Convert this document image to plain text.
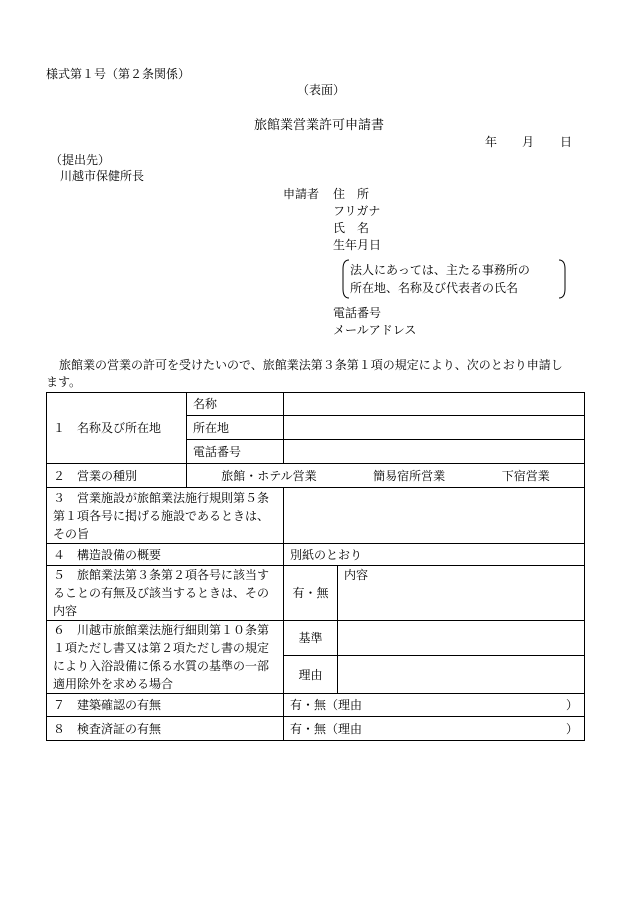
様式第１号（第２条関係）
（表面）
旅館業営業許可申請書
年 月 日
（提出先）
川越市保健所長
申請者 住　所
フリガナ
氏　名
生年月日
法人にあっては、主たる事務所の
所在地、名称及び代表者の氏名
電話番号
メールアドレス
旅館業の営業の許可を受けたいので、旅館業法第３条第１項の規定により、次のとおり申請し
ます。
１　名称及び所在地	名称		
	所在地		
	電話番号		
２　営業の種別	旅館・ホテル営業 簡易宿所営業 下宿営業		

３　営業施設が旅館業法施行規則第５条第１項各号に掲げる施設であるときは、その旨			
４　構造設備の概要		別紙のとおり	
５　旅館業法第３条第２項各号に該当することの有無及び該当するときは、その内容		有・無	内容
６　川越市旅館業法施行細則第１０条第１項ただし書又は第２項ただし書の規定により入浴設備に係る水質の基準の一部適用除外を求める場合		基準	
		理由	
７　建築確認の有無		有・無（理由 ）	

８　検査済証の有無		有・無（理由 ）	
